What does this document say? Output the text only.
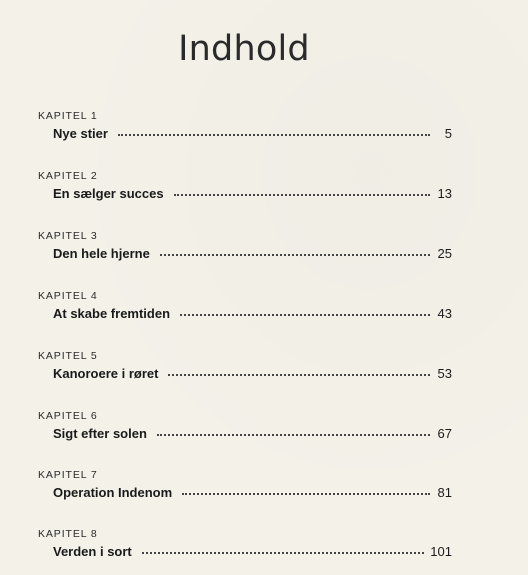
Indhold
KAPITEL 1
Nye stier	5
KAPITEL 2
En sælger succes	13
KAPITEL 3
Den hele hjerne	25
KAPITEL 4
At skabe fremtiden	43
KAPITEL 5
Kanoroere i røret	53
KAPITEL 6
Sigt efter solen	67
KAPITEL 7
Operation Indenom	81
KAPITEL 8
Verden i sort	101
